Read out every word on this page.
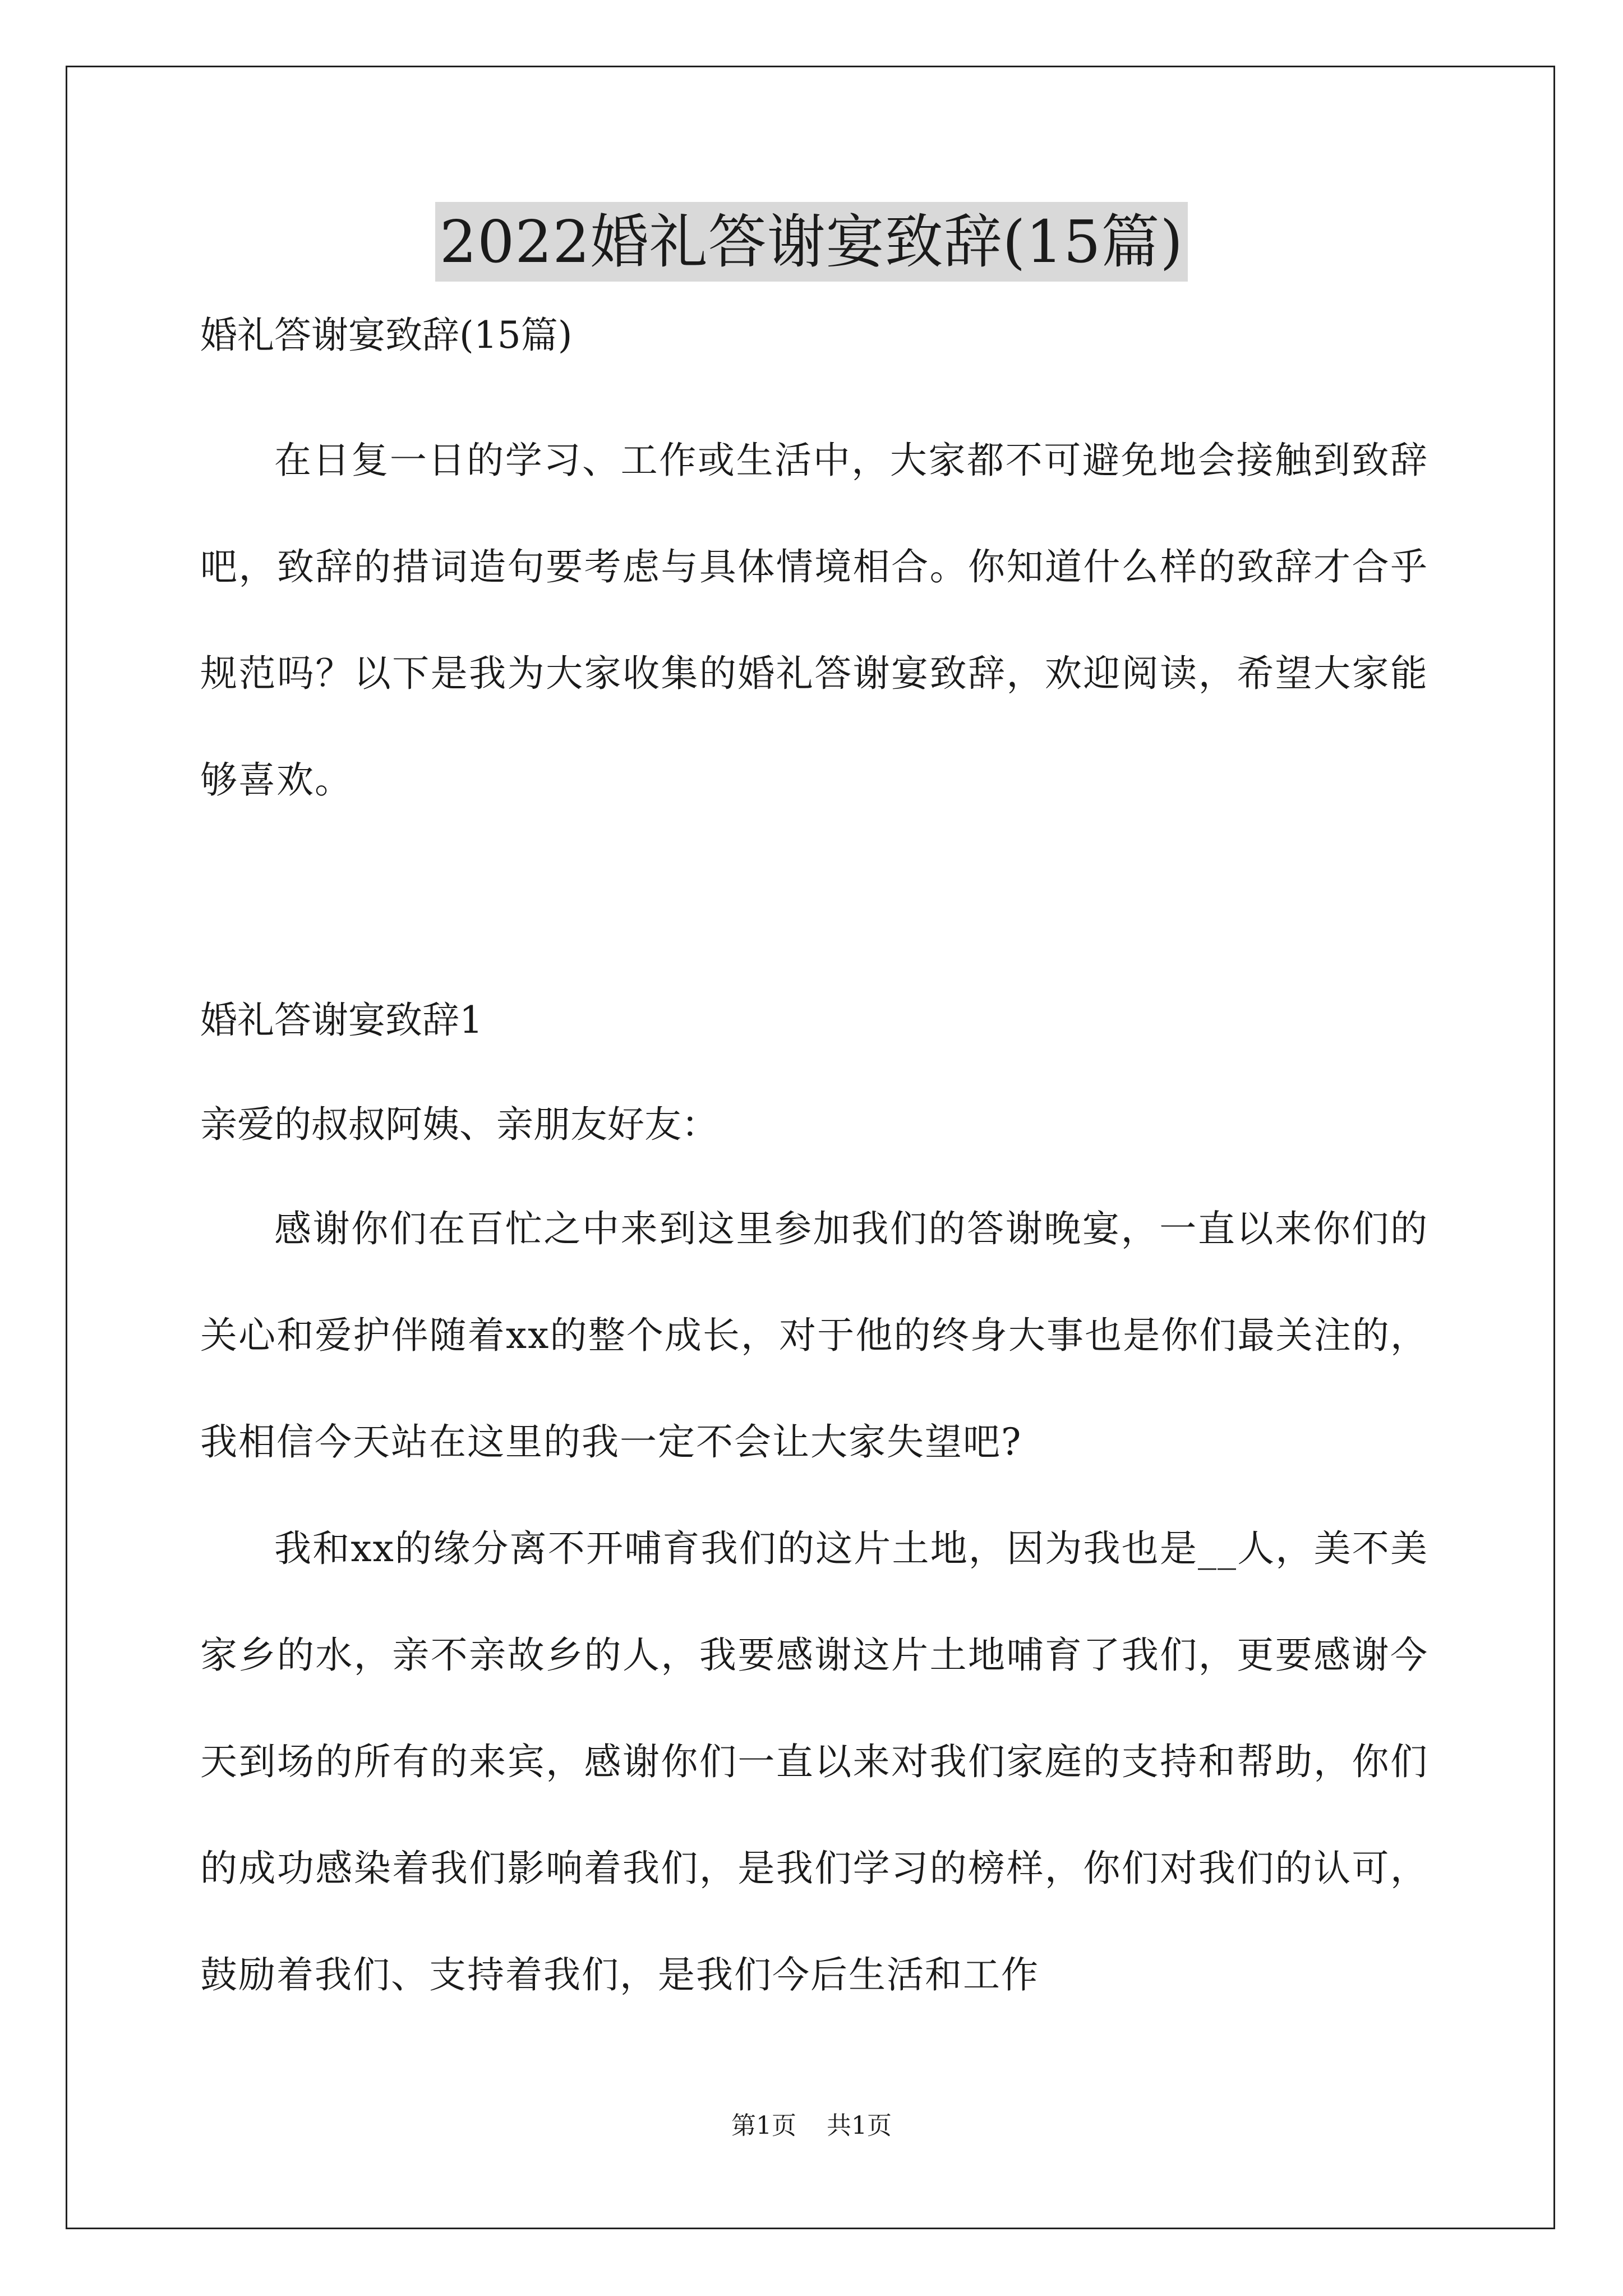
2022婚礼答谢宴致辞(15篇)
婚礼答谢宴致辞(15篇)
在日复一日的学习、工作或生活中，大家都不可避免地会接触到致辞吧，致辞的措词造句要考虑与具体情境相合。你知道什么样的致辞才合乎规范吗？以下是我为大家收集的婚礼答谢宴致辞，欢迎阅读，希望大家能够喜欢。
婚礼答谢宴致辞1
亲爱的叔叔阿姨、亲朋友好友：
感谢你们在百忙之中来到这里参加我们的答谢晚宴，一直以来你们的关心和爱护伴随着xx的整个成长，对于他的终身大事也是你们最关注的，我相信今天站在这里的我一定不会让大家失望吧?
我和xx的缘分离不开哺育我们的这片土地，因为我也是__人，美不美家乡的水，亲不亲故乡的人，我要感谢这片土地哺育了我们，更要感谢今天到场的所有的来宾，感谢你们一直以来对我们家庭的支持和帮助，你们的成功感染着我们影响着我们，是我们学习的榜样，你们对我们的认可，鼓励着我们、支持着我们，是我们今后生活和工作
第1页 共1页
